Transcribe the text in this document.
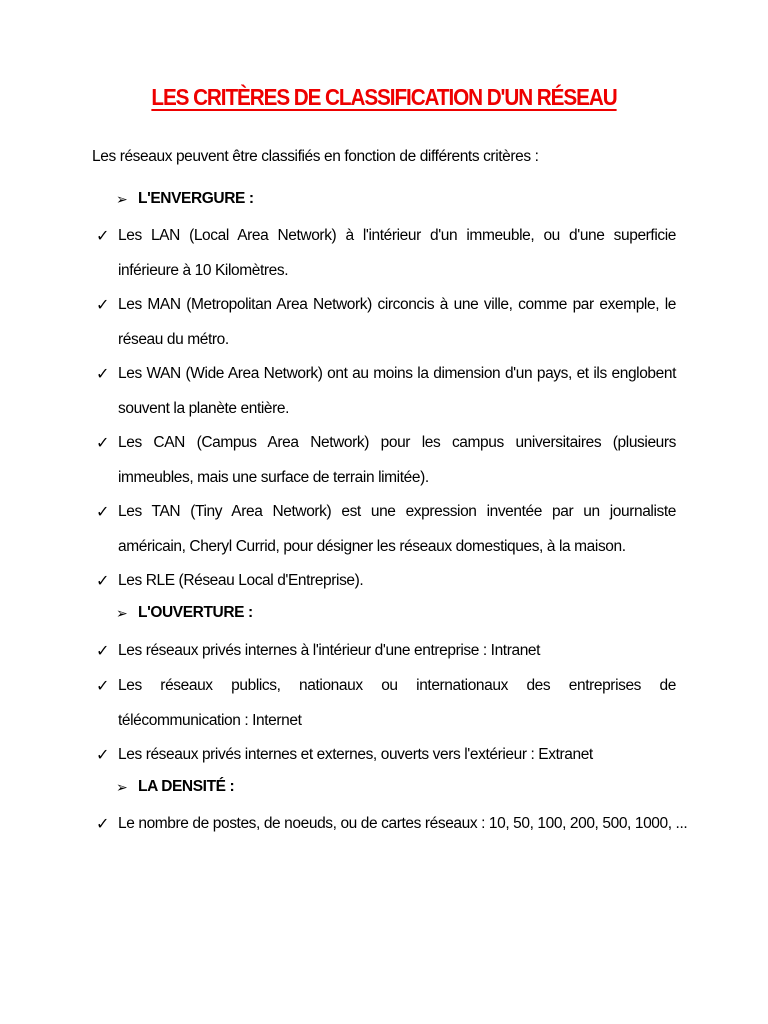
LES CRITÈRES DE CLASSIFICATION D'UN RÉSEAU
Les réseaux peuvent être classifiés en fonction de différents critères :
➢ L'ENVERGURE :
✓ Les LAN (Local Area Network) à l'intérieur d'un immeuble, ou d'une superficie inférieure à 10 Kilomètres.
✓ Les MAN (Metropolitan Area Network) circoncis à une ville, comme par exemple, le réseau du métro.
✓ Les WAN (Wide Area Network) ont au moins la dimension d'un pays, et ils englobent souvent la planète entière.
✓ Les CAN (Campus Area Network) pour les campus universitaires (plusieurs immeubles, mais une surface de terrain limitée).
✓ Les TAN (Tiny Area Network) est une expression inventée par un journaliste américain, Cheryl Currid, pour désigner les réseaux domestiques, à la maison.
✓ Les RLE (Réseau Local d'Entreprise).
➢ L'OUVERTURE :
✓ Les réseaux privés internes à l'intérieur d'une entreprise : Intranet
✓ Les réseaux publics, nationaux ou internationaux des entreprises de télécommunication : Internet
✓ Les réseaux privés internes et externes, ouverts vers l'extérieur : Extranet
➢ LA DENSITÉ :
✓ Le nombre de postes, de noeuds, ou de cartes réseaux : 10, 50, 100, 200, 500, 1000, ...
